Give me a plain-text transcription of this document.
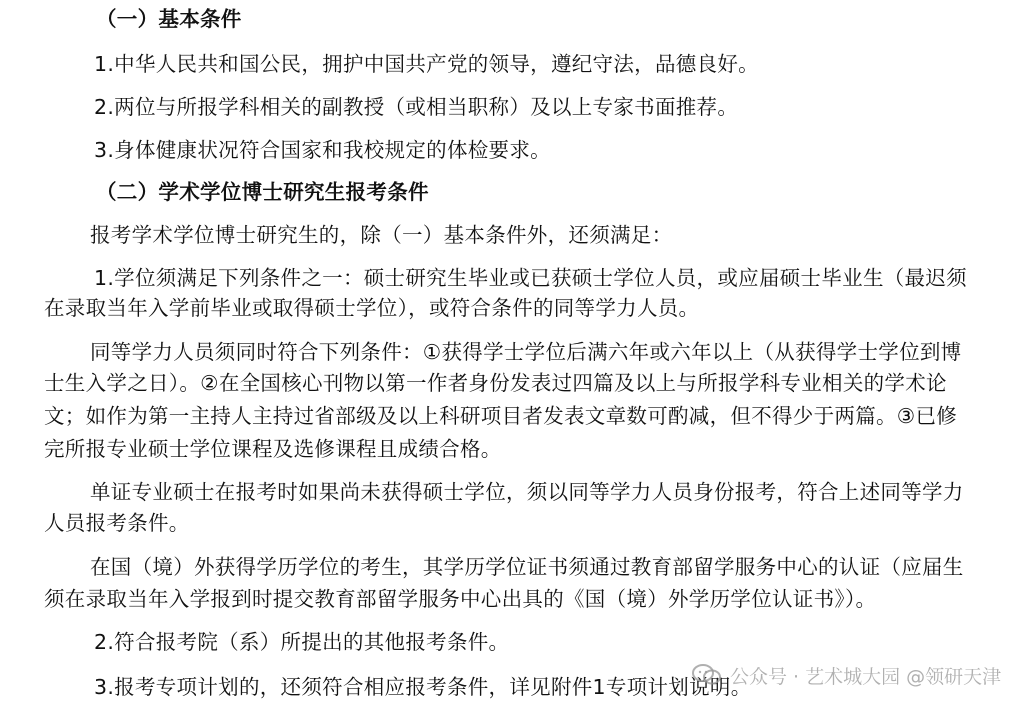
（一）基本条件
1.中华人民共和国公民，拥护中国共产党的领导，遵纪守法，品德良好。
2.两位与所报学科相关的副教授（或相当职称）及以上专家书面推荐。
3.身体健康状况符合国家和我校规定的体检要求。
（二）学术学位博士研究生报考条件
报考学术学位博士研究生的，除（一）基本条件外，还须满足：
1.学位须满足下列条件之一：硕士研究生毕业或已获硕士学位人员，或应届硕士毕业生（最迟须
在录取当年入学前毕业或取得硕士学位），或符合条件的同等学力人员。
同等学力人员须同时符合下列条件：①获得学士学位后满六年或六年以上（从获得学士学位到博
士生入学之日）。②在全国核心刊物以第一作者身份发表过四篇及以上与所报学科专业相关的学术论
文；如作为第一主持人主持过省部级及以上科研项目者发表文章数可酌减，但不得少于两篇。③已修
完所报专业硕士学位课程及选修课程且成绩合格。
单证专业硕士在报考时如果尚未获得硕士学位，须以同等学力人员身份报考，符合上述同等学力
人员报考条件。
在国（境）外获得学历学位的考生，其学历学位证书须通过教育部留学服务中心的认证（应届生
须在录取当年入学报到时提交教育部留学服务中心出具的《国（境）外学历学位认证书》）。
2.符合报考院（系）所提出的其他报考条件。
3.报考专项计划的，还须符合相应报考条件，详见附件1专项计划说明。
公众号 · 艺术城大园 @领研天津
